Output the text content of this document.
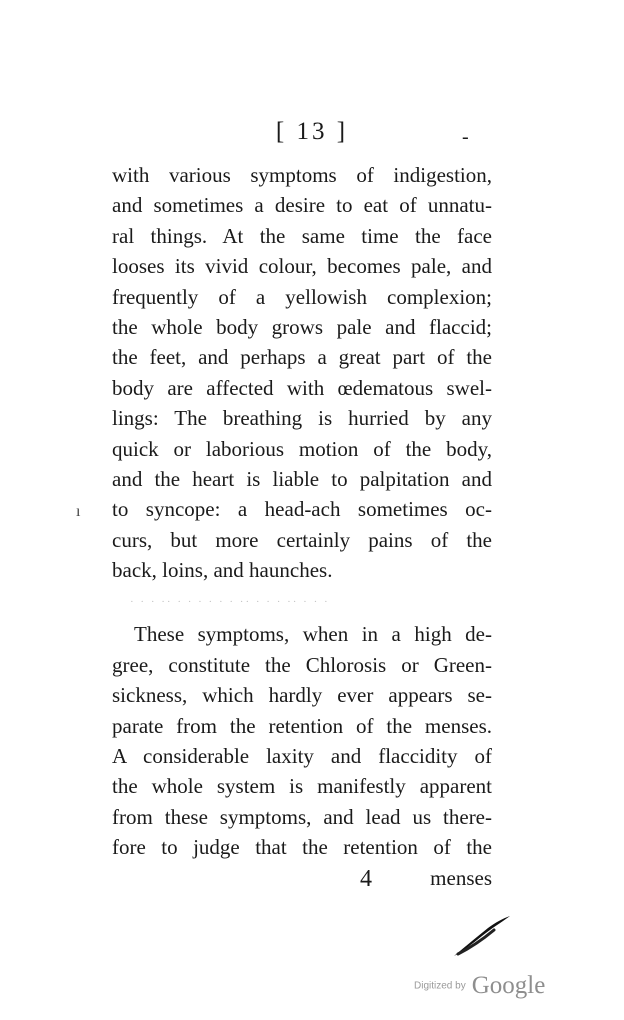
[ 13 ]	-
with various symptoms of indigestion,
and sometimes a desire to eat of unnatu-
ral things. At the same time the face
looses its vivid colour, becomes pale, and
frequently of a yellowish complexion;
the whole body grows pale and flaccid;
the feet, and perhaps a great part of the
body are affected with œdematous swel-
lings: The breathing is hurried by any
quick or laborious motion of the body,
and the heart is liable to palpitation and
to syncope: a head-ach sometimes oc-
curs, but more certainly pains of the
back, loins, and haunches.
These symptoms, when in a high de-
gree, constitute the Chlorosis or Green-
sickness, which hardly ever appears se-
parate from the retention of the menses.
A considerable laxity and flaccidity of
the whole system is manifestly apparent
from these symptoms, and lead us there-
fore to judge that the retention of the
· · · ·· · · · · · · ·· · · · ·· · · ·
ı
4	menses
Digitized by Google
